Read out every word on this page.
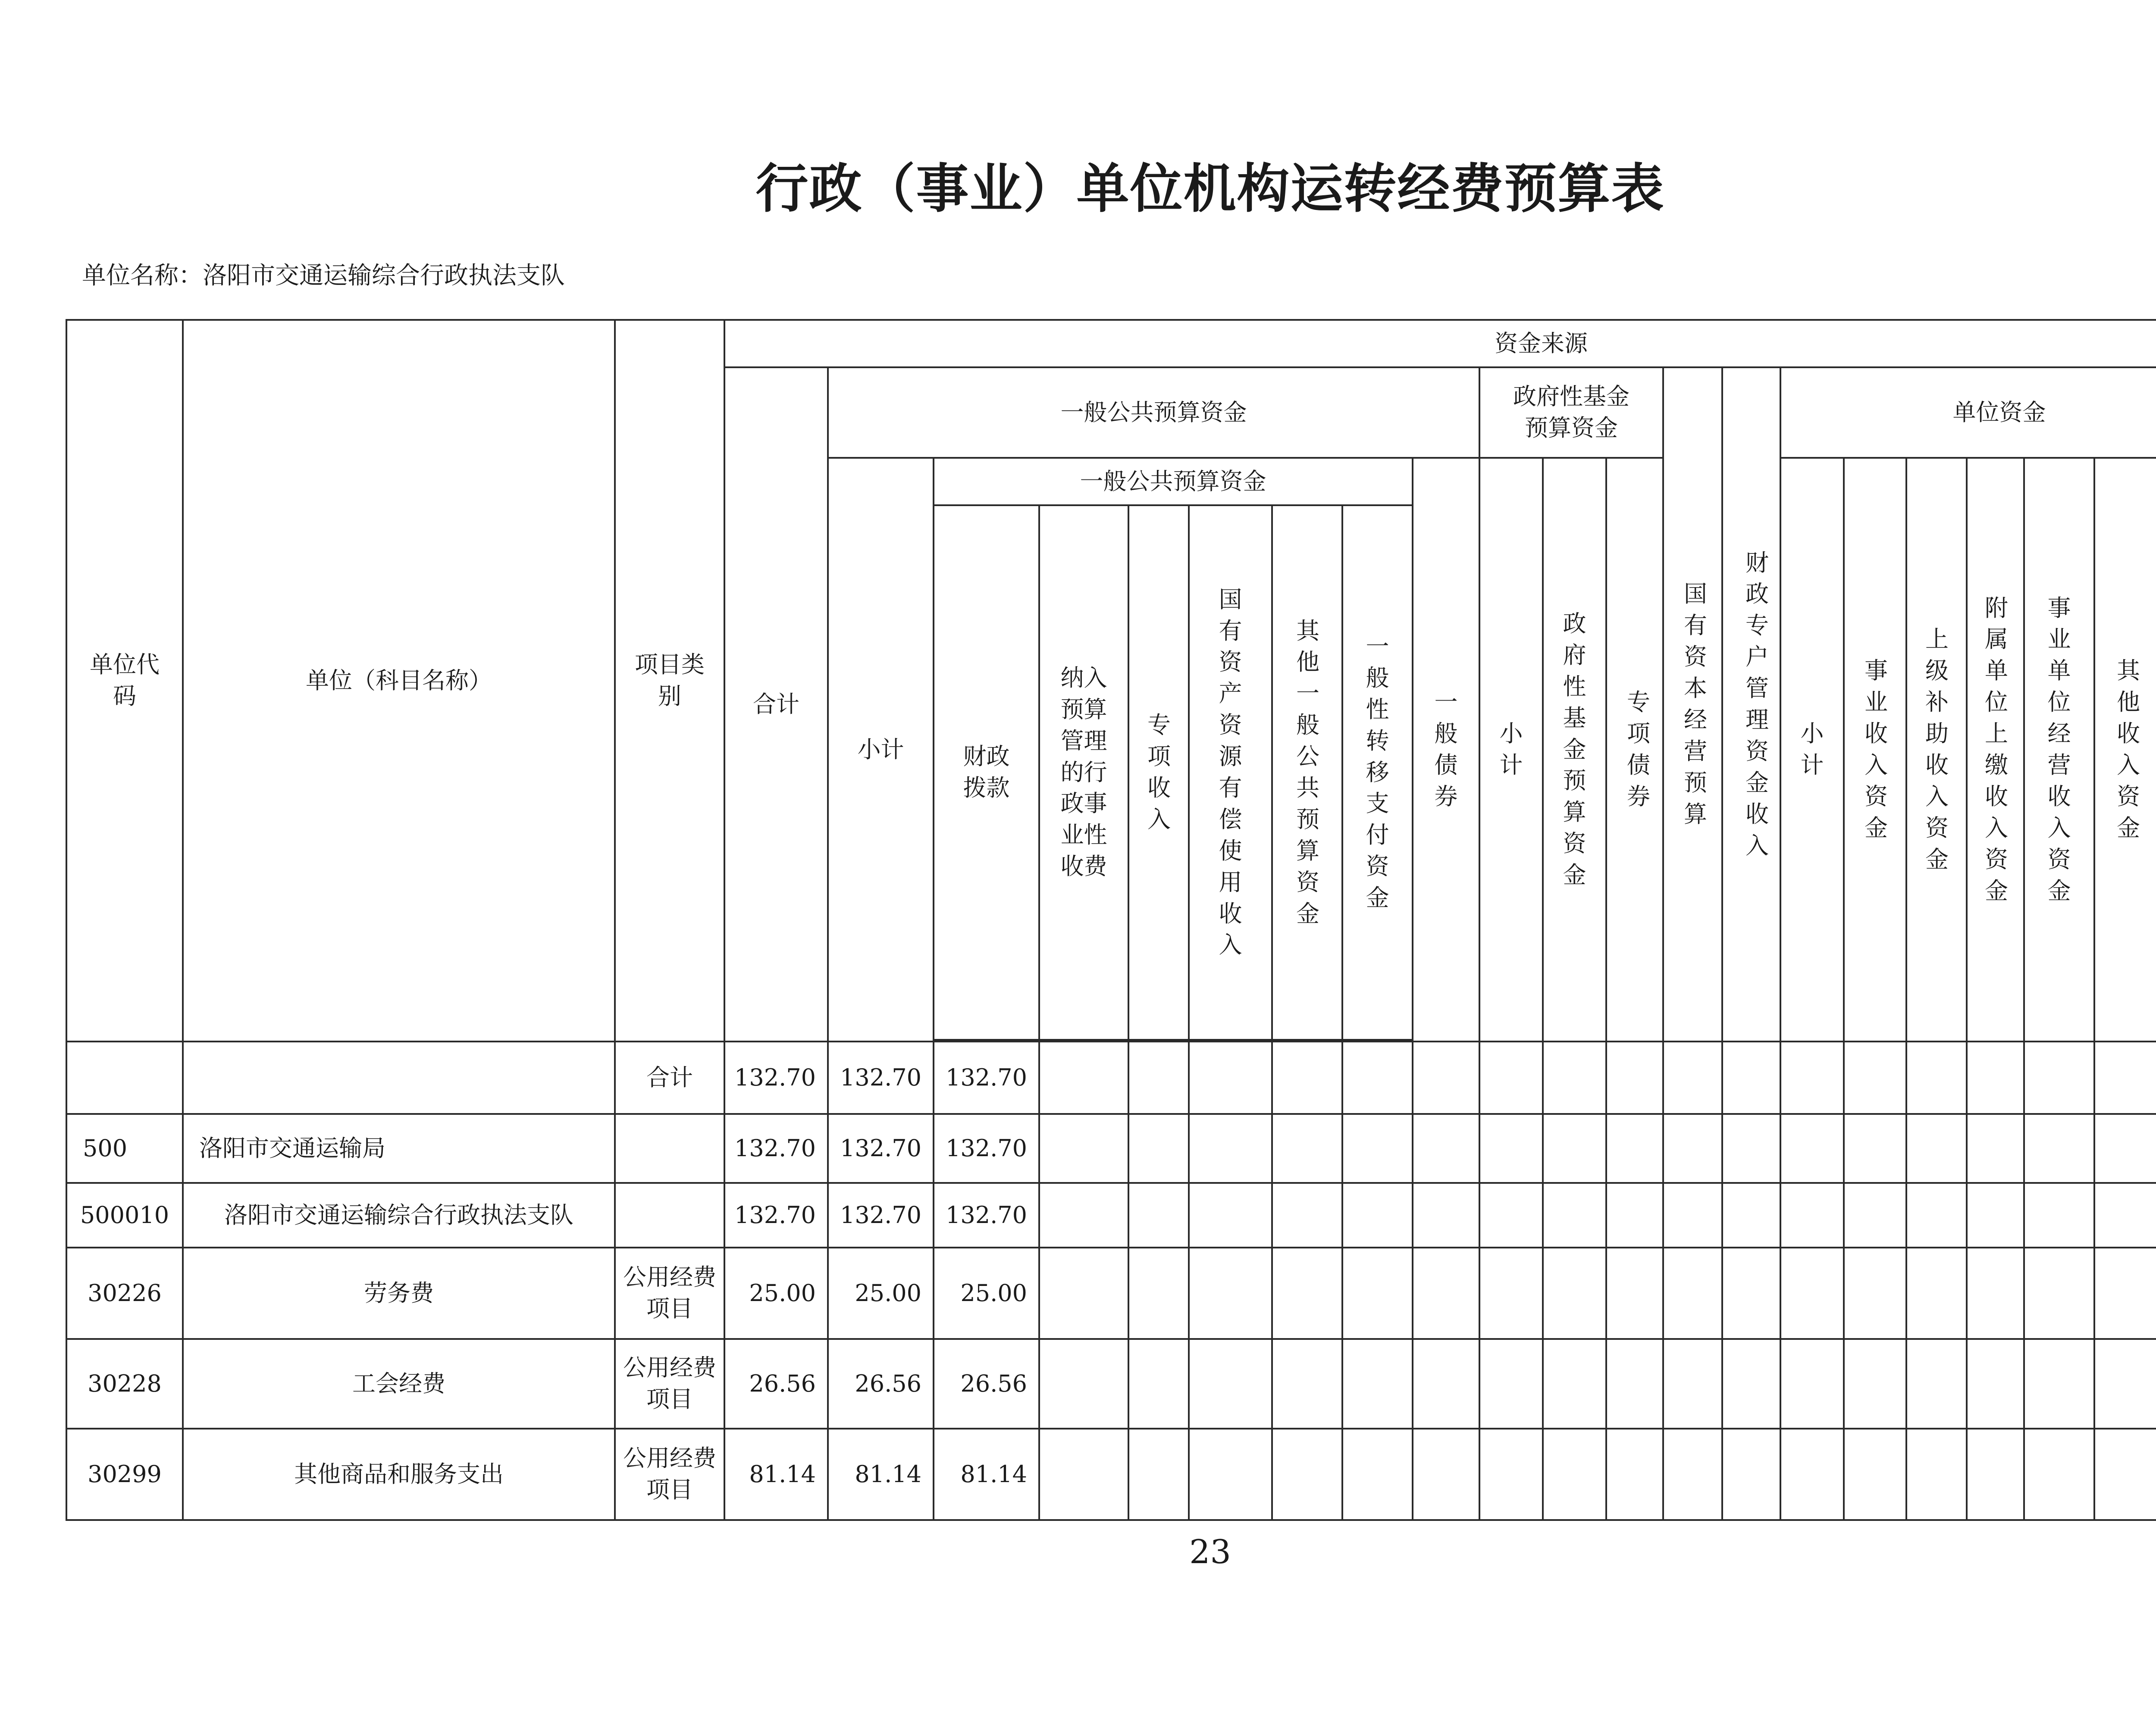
行政（事业）单位机构运转经费预算表
单位名称：洛阳市交通运输综合行政执法支队
单位代码	单位（科目名称）	项目类别	资金来源																							
			合计	一般公共预算资金								政府性基金预算资金			国有资本经营预算	财政专户管理资金收入	单位资金			
				小计	一般公共预算资金						一般债券	小计	政府性基金预算资金	专项债券			小计	事业收入资金	上级补助收入资金	附属单位上缴收入资金	事业单位经营收入资金	其他收入资金				
					财政拨款	纳入预算管理的行政事业性收费	专项收入	国有资产资源有偿使用收入	其他一般公共预算资金	一般性转移支付资金																

		合计	132.70	132.70	132.70																					
500	洛阳市交通运输局		132.70	132.70	132.70																					
500010	洛阳市交通运输综合行政执法支队		132.70	132.70	132.70																					
30226	劳务费	公用经费项目	25.00	25.00	25.00																					
30228	工会经费	公用经费项目	26.56	26.56	26.56																					
30299	其他商品和服务支出	公用经费项目	81.14	81.14	81.14																					
23
